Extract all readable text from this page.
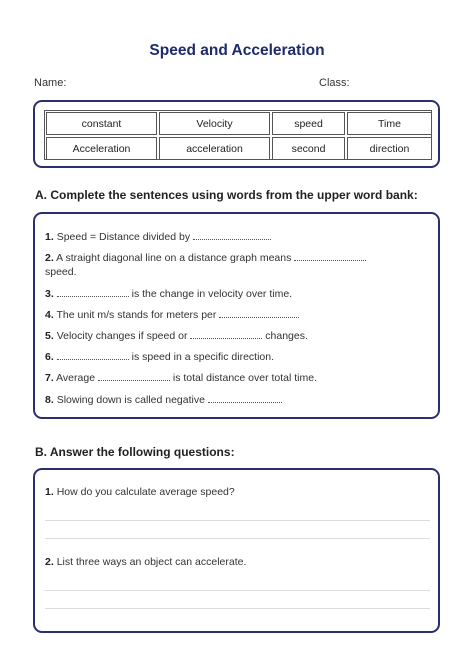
Speed and Acceleration
Name:	Class:
constant	Velocity	speed	Time
Acceleration	acceleration	second	direction
A. Complete the sentences using words from the upper word bank:
1. Speed = Distance divided by
2. A straight diagonal line on a distance graph means
speed.
3.	is the change in velocity over time.
4. The unit m/s stands for meters per
5. Velocity changes if speed or	changes.
6.	is speed in a specific direction.
7. Average	is total distance over total time.
8. Slowing down is called negative
B. Answer the following questions:
1. How do you calculate average speed?
2. List three ways an object can accelerate.
